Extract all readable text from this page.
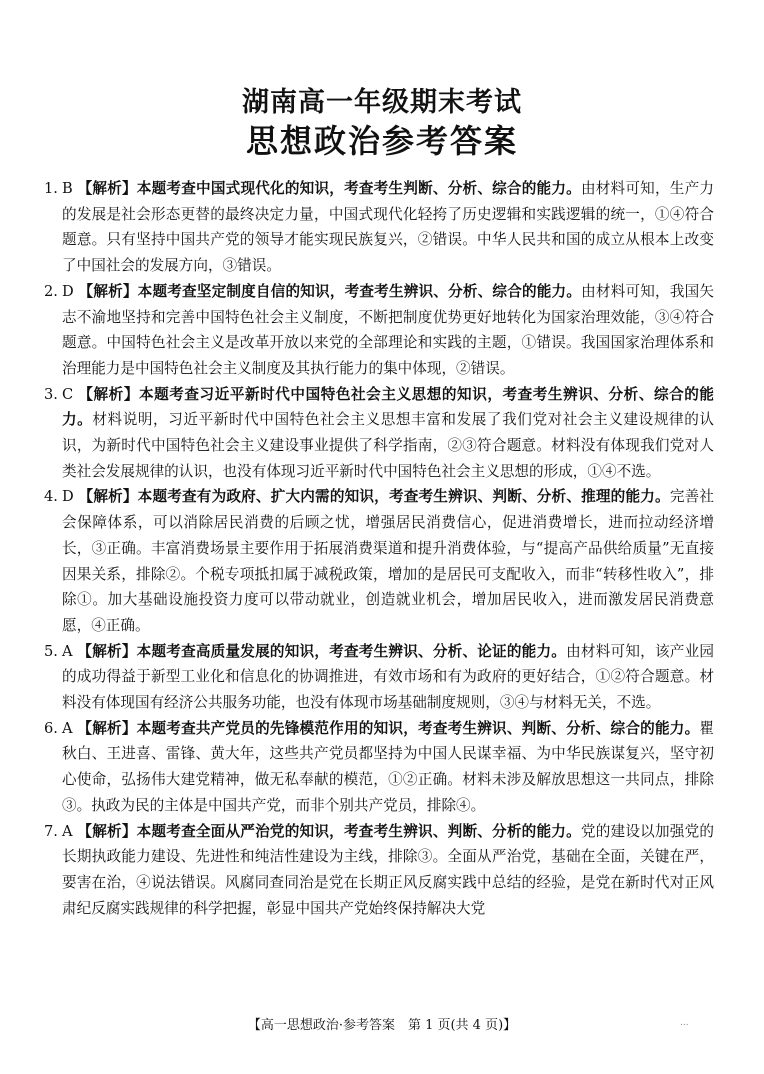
湖南高一年级期末考试
思想政治参考答案

1. B 【解析】本题考查中国式现代化的知识，考查考生判断、分析、综合的能力。由材料可知，生产力的发展是社会形态更替的最终决定力量，中国式现代化轻挎了历史逻辑和实践逻辑的统一，①④符合题意。只有坚持中国共产党的领导才能实现民族复兴，②错误。中华人民共和国的成立从根本上改变了中国社会的发展方向，③错误。

2. D 【解析】本题考查坚定制度自信的知识，考查考生辨识、分析、综合的能力。由材料可知，我国矢志不渝地坚持和完善中国特色社会主义制度，不断把制度优势更好地转化为国家治理效能，③④符合题意。中国特色社会主义是改革开放以来党的全部理论和实践的主题，①错误。我国国家治理体系和治理能力是中国特色社会主义制度及其执行能力的集中体现，②错误。

3. C 【解析】本题考查习近平新时代中国特色社会主义思想的知识，考查考生辨识、分析、综合的能力。材料说明，习近平新时代中国特色社会主义思想丰富和发展了我们党对社会主义建设规律的认识，为新时代中国特色社会主义建设事业提供了科学指南，②③符合题意。材料没有体现我们党对人类社会发展规律的认识，也没有体现习近平新时代中国特色社会主义思想的形成，①④不选。

4. D 【解析】本题考查有为政府、扩大内需的知识，考查考生辨识、判断、分析、推理的能力。完善社会保障体系，可以消除居民消费的后顾之忧，增强居民消费信心，促进消费增长，进而拉动经济增长，③正确。丰富消费场景主要作用于拓展消费渠道和提升消费体验，与“提高产品供给质量”无直接因果关系，排除②。个税专项抵扣属于减税政策，增加的是居民可支配收入，而非“转移性收入”，排除①。加大基础设施投资力度可以带动就业，创造就业机会，增加居民收入，进而激发居民消费意愿，④正确。

5. A 【解析】本题考查高质量发展的知识，考查考生辨识、分析、论证的能力。由材料可知，该产业园的成功得益于新型工业化和信息化的协调推进，有效市场和有为政府的更好结合，①②符合题意。材料没有体现国有经济公共服务功能，也没有体现市场基础制度规则，③④与材料无关，不选。

6. A 【解析】本题考查共产党员的先锋模范作用的知识，考查考生辨识、判断、分析、综合的能力。瞿秋白、王进喜、雷锋、黄大年，这些共产党员都坚持为中国人民谋幸福、为中华民族谋复兴，坚守初心使命，弘扬伟大建党精神，做无私奉献的模范，①②正确。材料未涉及解放思想这一共同点，排除③。执政为民的主体是中国共产党，而非个别共产党员，排除④。

7. A 【解析】本题考查全面从严治党的知识，考查考生辨识、判断、分析的能力。党的建设以加强党的长期执政能力建设、先进性和纯洁性建设为主线，排除③。全面从严治党，基础在全面，关键在严，要害在治，④说法错误。风腐同查同治是党在长期正风反腐实践中总结的经验，是党在新时代对正风肃纪反腐实践规律的科学把握，彰显中国共产党始终保持解决大党

【高一思想政治·参考答案　第 1 页(共 4 页)】	...
